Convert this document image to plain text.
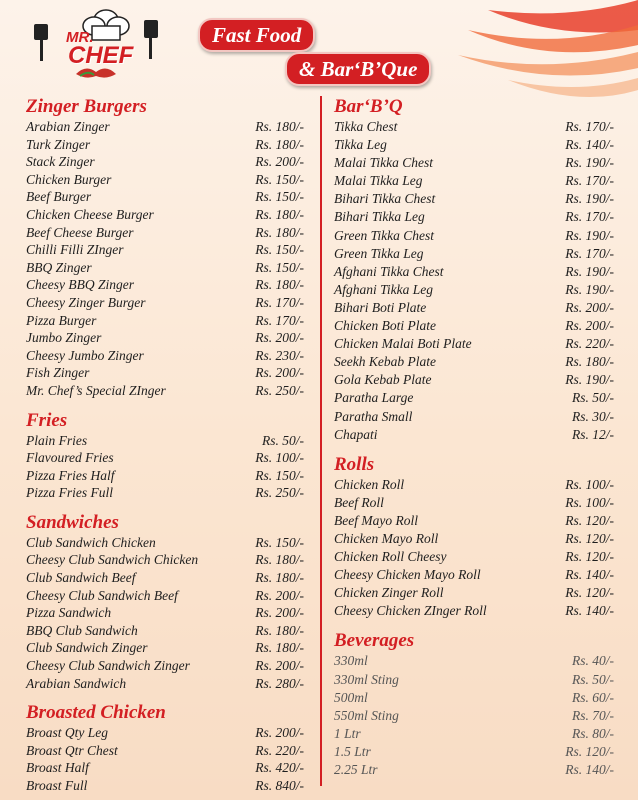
MR.
CHEF
Fast Food
& Bar‘B’Que
Zinger Burgers
Arabian Zinger	Rs. 180/-
Turk Zinger	Rs. 180/-
Stack Zinger	Rs. 200/-
Chicken Burger	Rs. 150/-
Beef Burger	Rs. 150/-
Chicken Cheese Burger	Rs. 180/-
Beef Cheese Burger	Rs. 180/-
Chilli Filli ZInger	Rs. 150/-
BBQ Zinger	Rs. 150/-
Cheesy BBQ Zinger	Rs. 180/-
Cheesy Zinger Burger	Rs. 170/-
Pizza Burger	Rs. 170/-
Jumbo Zinger	Rs. 200/-
Cheesy Jumbo Zinger	Rs. 230/-
Fish Zinger	Rs. 200/-
Mr. Chef’s Special ZInger	Rs. 250/-
Fries
Plain Fries	Rs. 50/-
Flavoured Fries	Rs. 100/-
Pizza Fries Half	Rs. 150/-
Pizza Fries Full	Rs. 250/-
Sandwiches
Club Sandwich Chicken	Rs. 150/-
Cheesy Club Sandwich Chicken	Rs. 180/-
Club Sandwich Beef	Rs. 180/-
Cheesy Club Sandwich Beef	Rs. 200/-
Pizza Sandwich	Rs. 200/-
BBQ Club Sandwich	Rs. 180/-
Club Sandwich Zinger	Rs. 180/-
Cheesy Club Sandwich Zinger	Rs. 200/-
Arabian Sandwich	Rs. 280/-
Broasted Chicken
Broast Qty Leg	Rs. 200/-
Broast Qtr Chest	Rs. 220/-
Broast Half	Rs. 420/-
Broast Full	Rs. 840/-
Bar‘B’Q
Tikka Chest	Rs. 170/-
Tikka Leg	Rs. 140/-
Malai Tikka Chest	Rs. 190/-
Malai Tikka Leg	Rs. 170/-
Bihari Tikka Chest	Rs. 190/-
Bihari Tikka Leg	Rs. 170/-
Green Tikka Chest	Rs. 190/-
Green Tikka Leg	Rs. 170/-
Afghani Tikka Chest	Rs. 190/-
Afghani Tikka Leg	Rs. 190/-
Bihari Boti Plate	Rs. 200/-
Chicken Boti Plate	Rs. 200/-
Chicken Malai Boti Plate	Rs. 220/-
Seekh Kebab Plate	Rs. 180/-
Gola Kebab Plate	Rs. 190/-
Paratha Large	Rs. 50/-
Paratha Small	Rs. 30/-
Chapati	Rs. 12/-
Rolls
Chicken Roll	Rs. 100/-
Beef Roll	Rs. 100/-
Beef Mayo Roll	Rs. 120/-
Chicken Mayo Roll	Rs. 120/-
Chicken Roll Cheesy	Rs. 120/-
Cheesy Chicken Mayo Roll	Rs. 140/-
Chicken Zinger Roll	Rs. 120/-
Cheesy Chicken ZInger Roll	Rs. 140/-
Beverages
330ml	Rs. 40/-
330ml Sting	Rs. 50/-
500ml	Rs. 60/-
550ml Sting	Rs. 70/-
1 Ltr	Rs. 80/-
1.5 Ltr	Rs. 120/-
2.25 Ltr	Rs. 140/-
